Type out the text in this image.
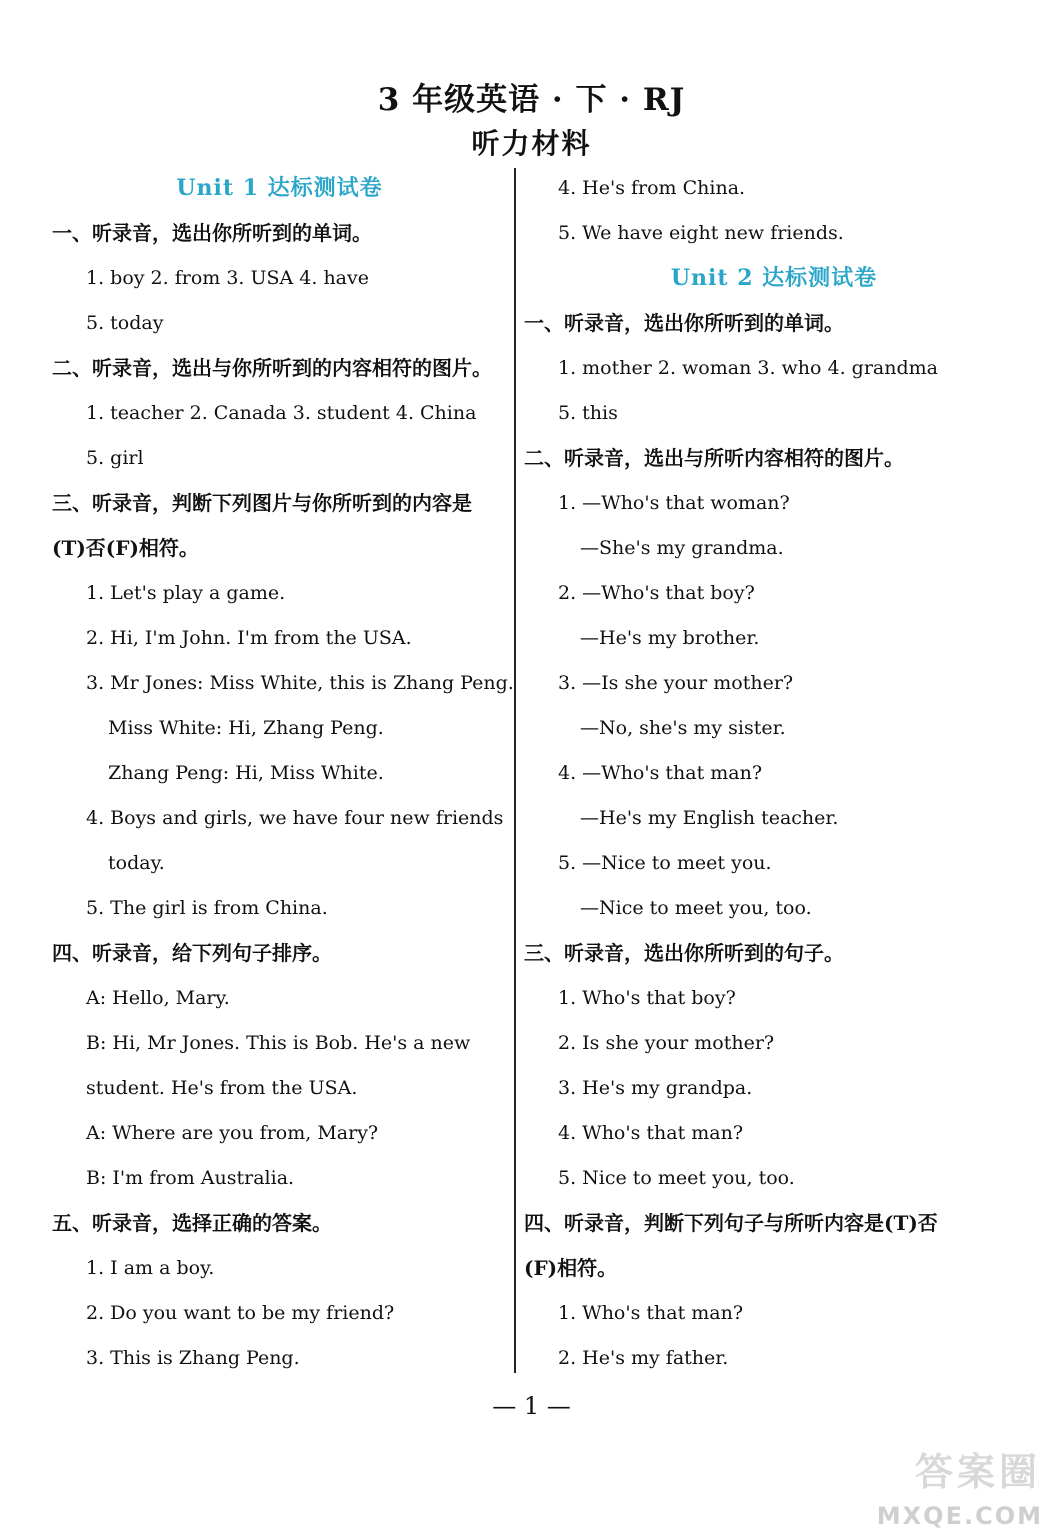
3 年级英语 · 下 · RJ
听力材料
Unit 1 达标测试卷
一、听录音，选出你所听到的单词。
1. boy 2. from 3. USA 4. have
5. today
二、听录音，选出与你所听到的内容相符的图片。
1. teacher 2. Canada 3. student 4. China
5. girl
三、听录音，判断下列图片与你所听到的内容是
(T)否(F)相符。
1. Let's play a game.
2. Hi, I'm John. I'm from the USA.
3. Mr Jones: Miss White, this is Zhang Peng.
Miss White: Hi, Zhang Peng.
Zhang Peng: Hi, Miss White.
4. Boys and girls, we have four new friends
today.
5. The girl is from China.
四、听录音，给下列句子排序。
A: Hello, Mary.
B: Hi, Mr Jones. This is Bob. He's a new
student. He's from the USA.
A: Where are you from, Mary?
B: I'm from Australia.
五、听录音，选择正确的答案。
1. I am a boy.
2. Do you want to be my friend?
3. This is Zhang Peng.
4. He's from China.
5. We have eight new friends.
Unit 2 达标测试卷
一、听录音，选出你所听到的单词。
1. mother 2. woman 3. who 4. grandma
5. this
二、听录音，选出与所听内容相符的图片。
1. —Who's that woman?
—She's my grandma.
2. —Who's that boy?
—He's my brother.
3. —Is she your mother?
—No, she's my sister.
4. —Who's that man?
—He's my English teacher.
5. —Nice to meet you.
—Nice to meet you, too.
三、听录音，选出你所听到的句子。
1. Who's that boy?
2. Is she your mother?
3. He's my grandpa.
4. Who's that man?
5. Nice to meet you, too.
四、听录音，判断下列句子与所听内容是(T)否
(F)相符。
1. Who's that man?
2. He's my father.
— 1 —
答案圈
MXQE.COM
